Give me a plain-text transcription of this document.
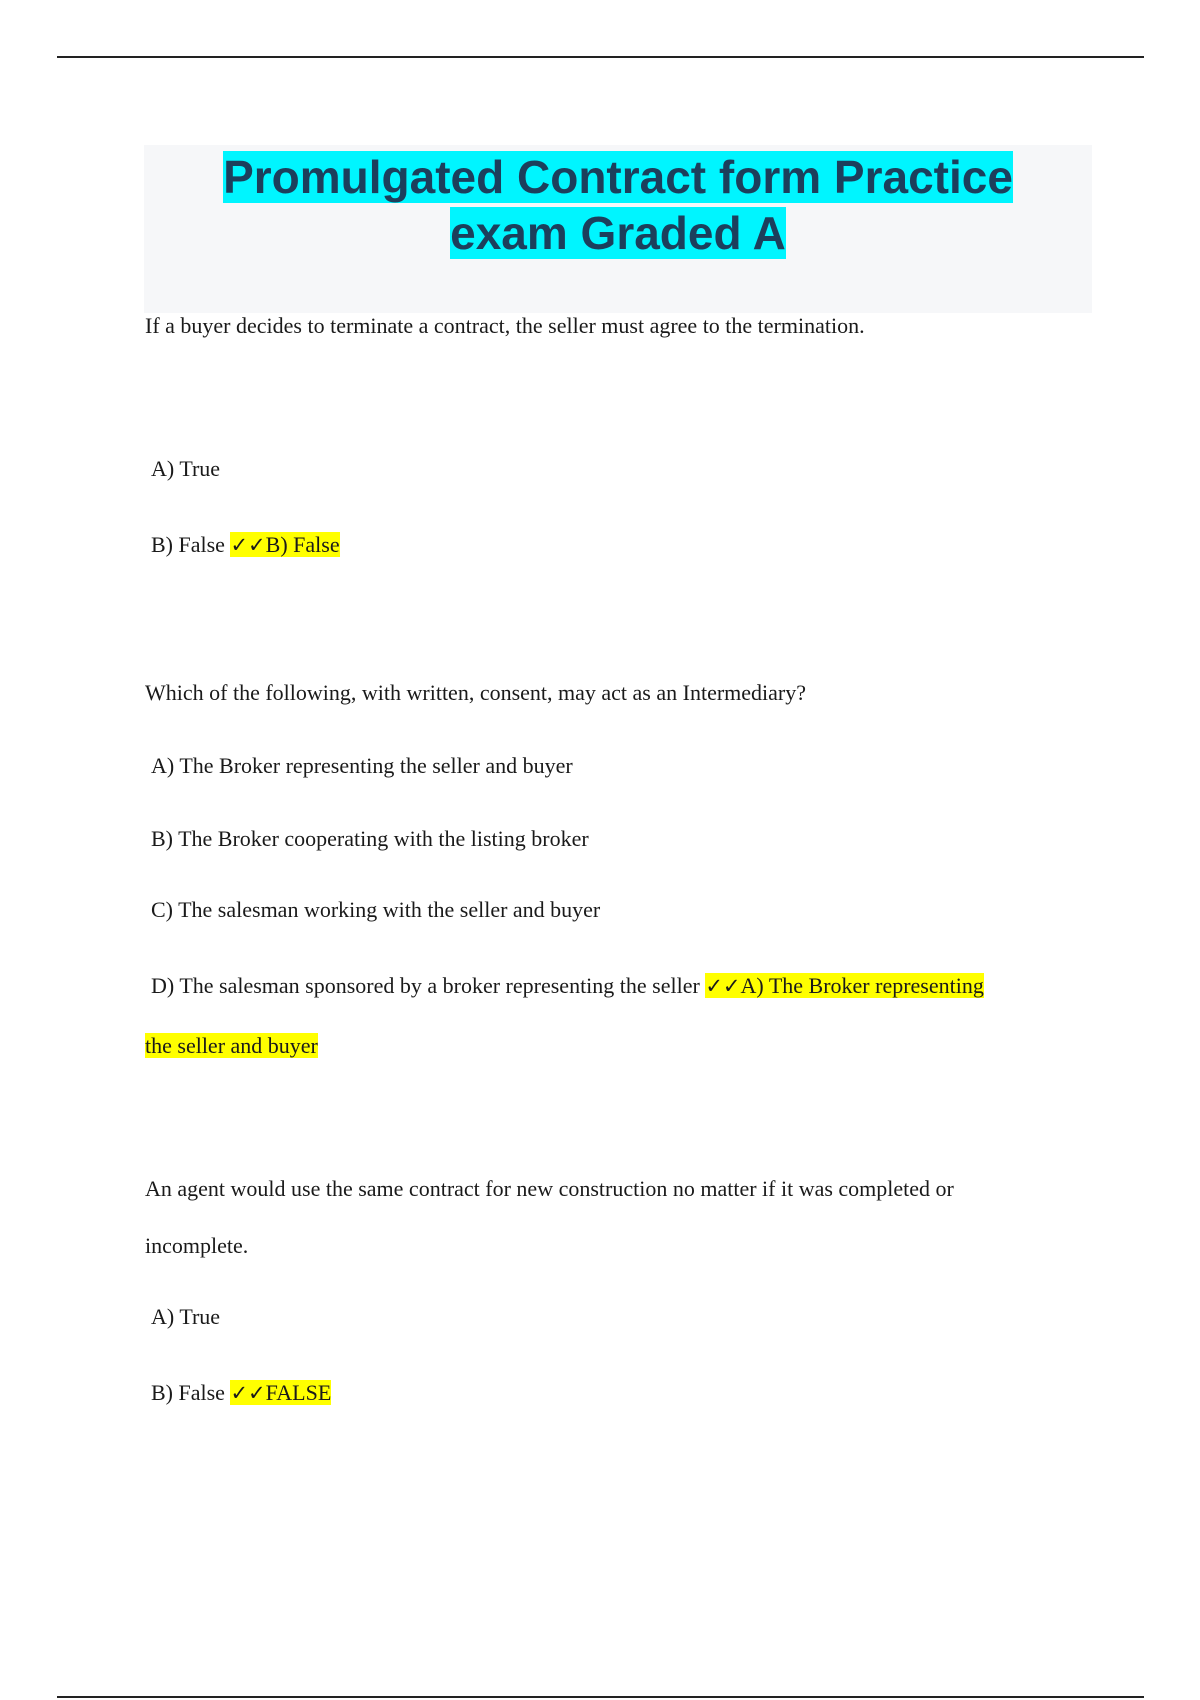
Promulgated Contract form Practice
exam Graded A
If a buyer decides to terminate a contract, the seller must agree to the termination.
A) True
B) False ✓✓B) False
Which of the following, with written, consent, may act as an Intermediary?
A) The Broker representing the seller and buyer
B) The Broker cooperating with the listing broker
C) The salesman working with the seller and buyer
D) The salesman sponsored by a broker representing the seller ✓✓A) The Broker representing
the seller and buyer
An agent would use the same contract for new construction no matter if it was completed or
incomplete.
A) True
B) False ✓✓FALSE
